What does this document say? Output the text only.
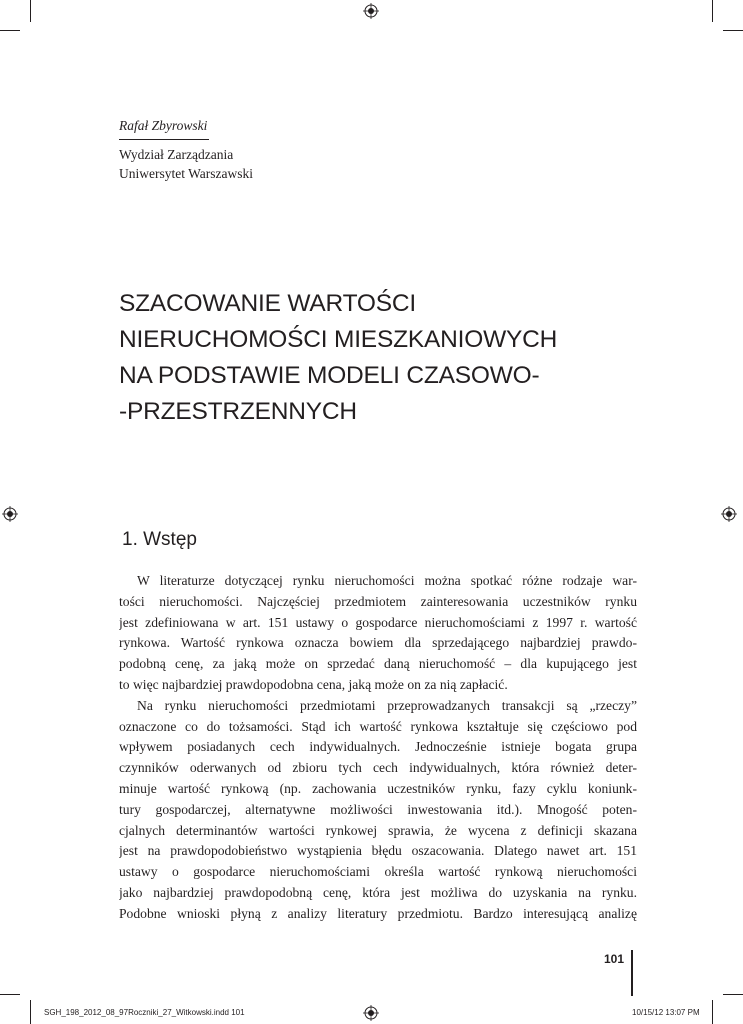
Rafał Zbyrowski
Wydział Zarządzania
Uniwersytet Warszawski
SZACOWANIE WARTOŚCI
NIERUCHOMOŚCI MIESZKANIOWYCH
NA PODSTAWIE MODELI CZASOWO-
-PRZESTRZENNYCH
1. Wstęp
W literaturze dotyczącej rynku nieruchomości można spotkać różne rodzaje war-
tości nieruchomości. Najczęściej przedmiotem zainteresowania uczestników rynku
jest zdefiniowana w art. 151 ustawy o gospodarce nieruchomościami z 1997 r. wartość
rynkowa. Wartość rynkowa oznacza bowiem dla sprzedającego najbardziej prawdo-
podobną cenę, za jaką może on sprzedać daną nieruchomość – dla kupującego jest
to więc najbardziej prawdopodobna cena, jaką może on za nią zapłacić.
Na rynku nieruchomości przedmiotami przeprowadzanych transakcji są „rzeczy”
oznaczone co do tożsamości. Stąd ich wartość rynkowa kształtuje się częściowo pod
wpływem posiadanych cech indywidualnych. Jednocześnie istnieje bogata grupa
czynników oderwanych od zbioru tych cech indywidualnych, która również deter-
minuje wartość rynkową (np. zachowania uczestników rynku, fazy cyklu koniunk-
tury gospodarczej, alternatywne możliwości inwestowania itd.). Mnogość poten-
cjalnych determinantów wartości rynkowej sprawia, że wycena z definicji skazana
jest na prawdopodobieństwo wystąpienia błędu oszacowania. Dlatego nawet art. 151
ustawy o gospodarce nieruchomościami określa wartość rynkową nieruchomości
jako najbardziej prawdopodobną cenę, która jest możliwa do uzyskania na rynku.
Podobne wnioski płyną z analizy literatury przedmiotu. Bardzo interesującą analizę
101
SGH_198_2012_08_97Roczniki_27_Witkowski.indd 101	10/15/12 13:07 PM
